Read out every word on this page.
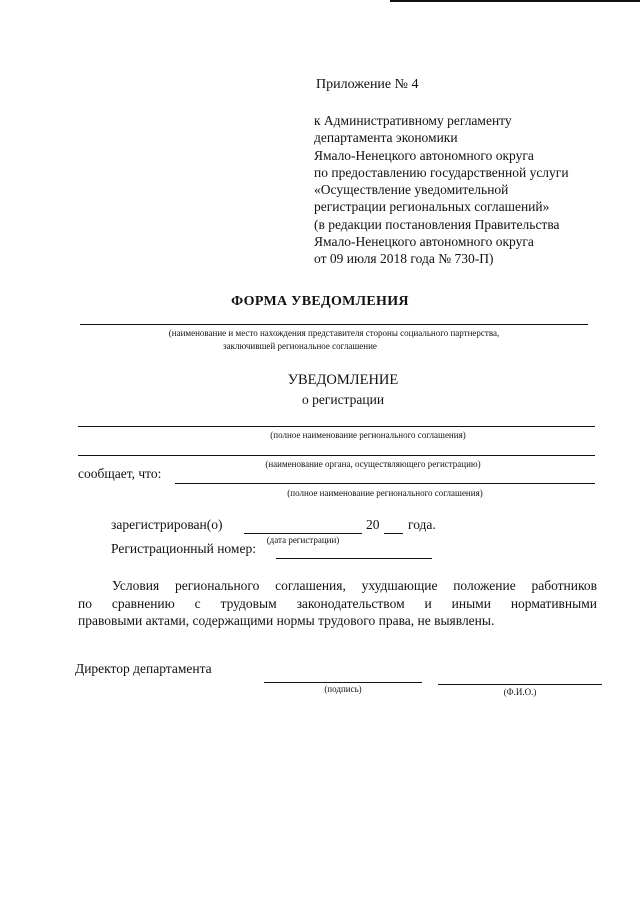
Приложение № 4
к Административному регламенту
департамента экономики
Ямало-Ненецкого автономного округа
по предоставлению государственной услуги
«Осуществление уведомительной
регистрации региональных соглашений»
(в редакции постановления Правительства
Ямало-Ненецкого автономного округа
от 09 июля 2018 года № 730-П)
ФОРМА УВЕДОМЛЕНИЯ
(наименование и место нахождения представителя стороны социального партнерства,
заключившей региональное соглашение
УВЕДОМЛЕНИЕ
о регистрации
(полное наименование регионального соглашения)
(наименование органа, осуществляющего регистрацию)
сообщает, что:
(полное наименование регионального соглашения)
зарегистрирован(о)	20 года.
(дата регистрации)
Регистрационный номер:
Условия регионального соглашения, ухудшающие положение работников
по сравнению с трудовым законодательством и иными нормативными
правовыми актами, содержащими нормы трудового права, не выявлены.
Директор департамента
(подпись)	(Ф.И.О.)
